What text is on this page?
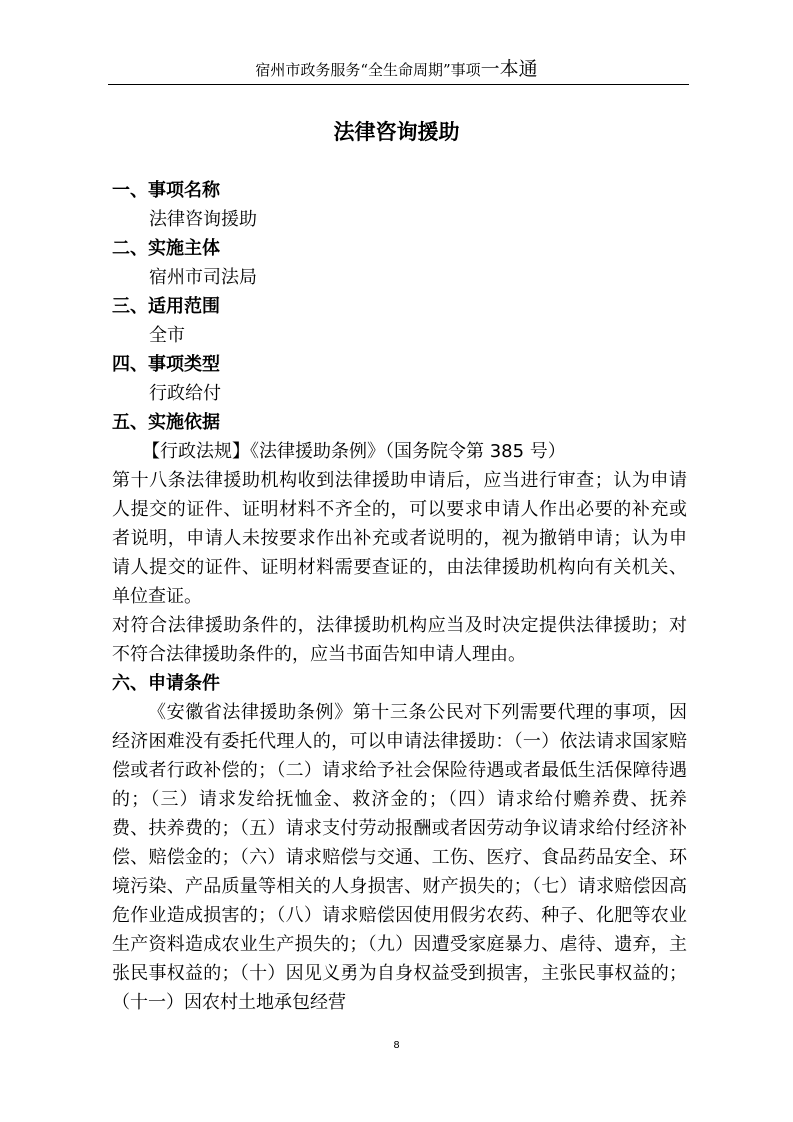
宿州市政务服务“全生命周期”事项一本通
法律咨询援助

一、事项名称

法律咨询援助

二、实施主体

宿州市司法局

三、适用范围

全市

四、事项类型

行政给付

五、实施依据

【行政法规】《法律援助条例》（国务院令第 385 号）

第十八条法律援助机构收到法律援助申请后，应当进行审查；认为申请人提交的证件、证明材料不齐全的，可以要求申请人作出必要的补充或者说明，申请人未按要求作出补充或者说明的，视为撤销申请；认为申请人提交的证件、证明材料需要查证的，由法律援助机构向有关机关、单位查证。

对符合法律援助条件的，法律援助机构应当及时决定提供法律援助；对不符合法律援助条件的，应当书面告知申请人理由。

六、申请条件

《安徽省法律援助条例》第十三条公民对下列需要代理的事项，因经济困难没有委托代理人的，可以申请法律援助：（一）依法请求国家赔偿或者行政补偿的；（二）请求给予社会保险待遇或者最低生活保障待遇的；（三）请求发给抚恤金、救济金的；（四）请求给付赡养费、抚养费、扶养费的；（五）请求支付劳动报酬或者因劳动争议请求给付经济补偿、赔偿金的；（六）请求赔偿与交通、工伤、医疗、食品药品安全、环境污染、产品质量等相关的人身损害、财产损失的；（七）请求赔偿因高危作业造成损害的；（八）请求赔偿因使用假劣农药、种子、化肥等农业生产资料造成农业生产损失的；（九）因遭受家庭暴力、虐待、遗弃，主张民事权益的；（十）因见义勇为自身权益受到损害，主张民事权益的；（十一）因农村土地承包经营

8
